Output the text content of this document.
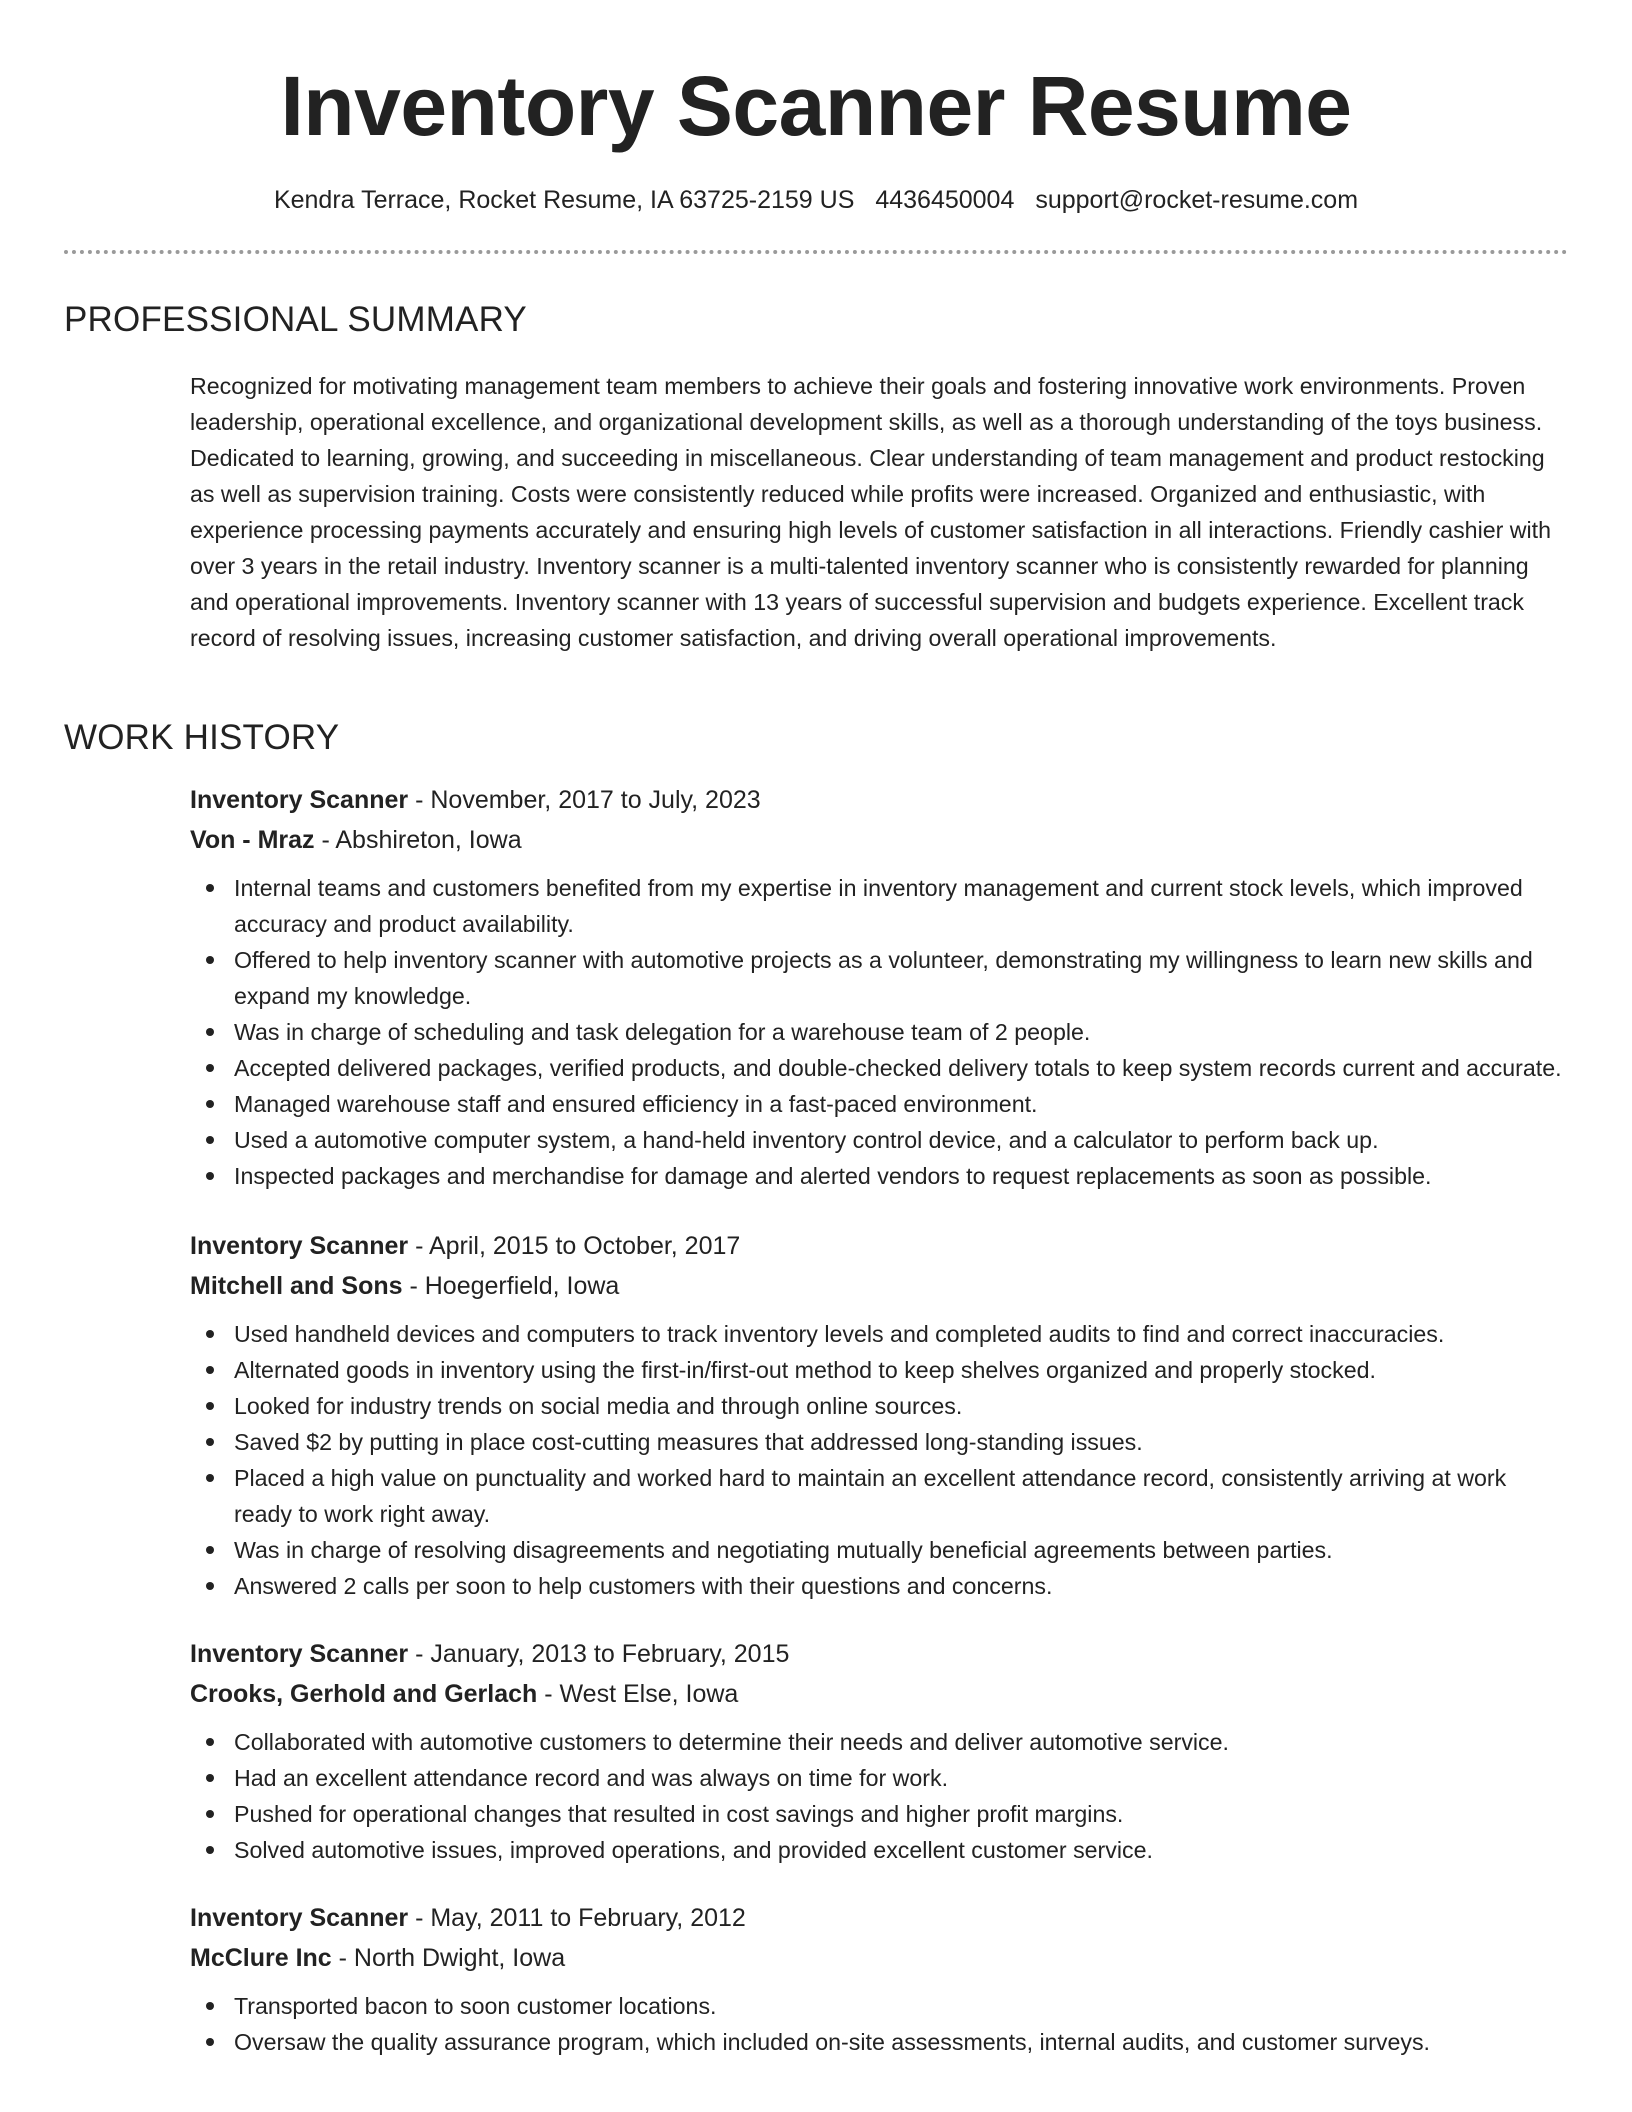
Inventory Scanner Resume
Kendra Terrace, Rocket Resume, IA 63725-2159 US 4436450004 support@rocket-resume.com
PROFESSIONAL SUMMARY
Recognized for motivating management team members to achieve their goals and fostering innovative work environments. Proven leadership, operational excellence, and organizational development skills, as well as a thorough understanding of the toys business. Dedicated to learning, growing, and succeeding in miscellaneous. Clear understanding of team management and product restocking as well as supervision training. Costs were consistently reduced while profits were increased. Organized and enthusiastic, with experience processing payments accurately and ensuring high levels of customer satisfaction in all interactions. Friendly cashier with over 3 years in the retail industry. Inventory scanner is a multi-talented inventory scanner who is consistently rewarded for planning and operational improvements. Inventory scanner with 13 years of successful supervision and budgets experience. Excellent track record of resolving issues, increasing customer satisfaction, and driving overall operational improvements.
WORK HISTORY
Inventory Scanner - November, 2017 to July, 2023
Von - Mraz - Abshireton, Iowa
Internal teams and customers benefited from my expertise in inventory management and current stock levels, which improved accuracy and product availability.
Offered to help inventory scanner with automotive projects as a volunteer, demonstrating my willingness to learn new skills and expand my knowledge.
Was in charge of scheduling and task delegation for a warehouse team of 2 people.
Accepted delivered packages, verified products, and double-checked delivery totals to keep system records current and accurate.
Managed warehouse staff and ensured efficiency in a fast-paced environment.
Used a automotive computer system, a hand-held inventory control device, and a calculator to perform back up.
Inspected packages and merchandise for damage and alerted vendors to request replacements as soon as possible.
Inventory Scanner - April, 2015 to October, 2017
Mitchell and Sons - Hoegerfield, Iowa
Used handheld devices and computers to track inventory levels and completed audits to find and correct inaccuracies.
Alternated goods in inventory using the first-in/first-out method to keep shelves organized and properly stocked.
Looked for industry trends on social media and through online sources.
Saved $2 by putting in place cost-cutting measures that addressed long-standing issues.
Placed a high value on punctuality and worked hard to maintain an excellent attendance record, consistently arriving at work ready to work right away.
Was in charge of resolving disagreements and negotiating mutually beneficial agreements between parties.
Answered 2 calls per soon to help customers with their questions and concerns.
Inventory Scanner - January, 2013 to February, 2015
Crooks, Gerhold and Gerlach - West Else, Iowa
Collaborated with automotive customers to determine their needs and deliver automotive service.
Had an excellent attendance record and was always on time for work.
Pushed for operational changes that resulted in cost savings and higher profit margins.
Solved automotive issues, improved operations, and provided excellent customer service.
Inventory Scanner - May, 2011 to February, 2012
McClure Inc - North Dwight, Iowa
Transported bacon to soon customer locations.
Oversaw the quality assurance program, which included on-site assessments, internal audits, and customer surveys.
